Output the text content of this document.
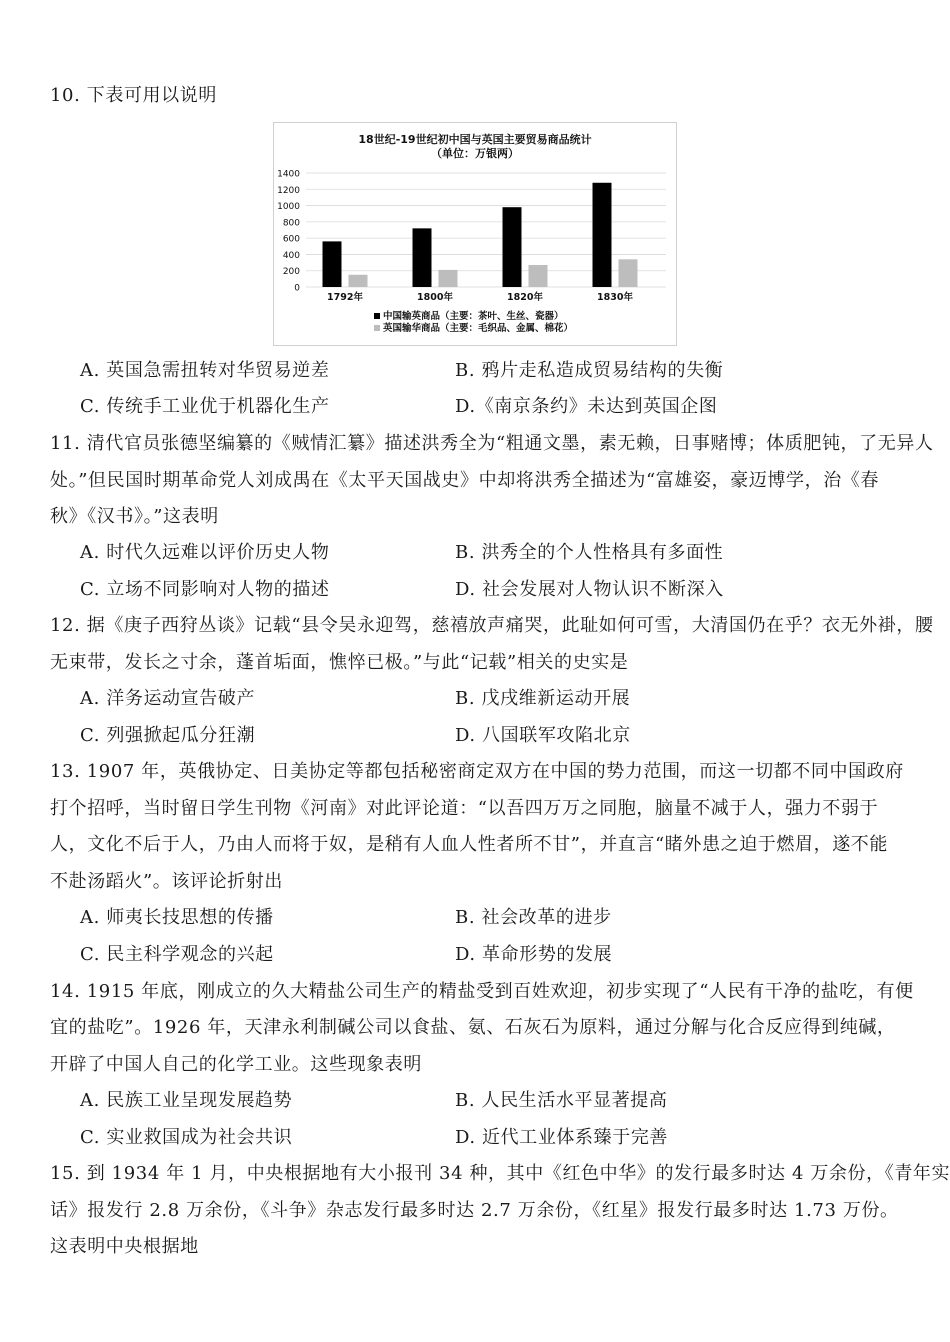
10. 下表可用以说明
18世纪-19世纪初中国与英国主要贸易商品统计
（单位：万银两）
0
200
400
600
800
1000
1200
1400
1792年	1800年	1820年	1830年
中国输英商品（主要：茶叶、生丝、瓷器）
英国输华商品（主要：毛织品、金属、棉花）
A. 英国急需扭转对华贸易逆差	B. 鸦片走私造成贸易结构的失衡
C. 传统手工业优于机器化生产	D.《南京条约》未达到英国企图
11. 清代官员张德坚编纂的《贼情汇纂》描述洪秀全为“粗通文墨，素无赖，日事赌博；体质肥钝，了无异人
处。”但民国时期革命党人刘成禺在《太平天国战史》中却将洪秀全描述为“富雄姿，豪迈博学，治《春
秋》《汉书》。”这表明
A. 时代久远难以评价历史人物	B. 洪秀全的个人性格具有多面性
C. 立场不同影响对人物的描述	D. 社会发展对人物认识不断深入
12. 据《庚子西狩丛谈》记载“县令吴永迎驾，慈禧放声痛哭，此耻如何可雪，大清国仍在乎？衣无外褂，腰
无束带，发长之寸余，蓬首垢面，憔悴已极。”与此“记载”相关的史实是
A. 洋务运动宣告破产	B. 戊戌维新运动开展
C. 列强掀起瓜分狂潮	D. 八国联军攻陷北京
13. 1907 年，英俄协定、日美协定等都包括秘密商定双方在中国的势力范围，而这一切都不同中国政府
打个招呼，当时留日学生刊物《河南》对此评论道：“以吾四万万之同胞，脑量不减于人，强力不弱于
人，文化不后于人，乃由人而将于奴，是稍有人血人性者所不甘”，并直言“睹外患之迫于燃眉，遂不能
不赴汤蹈火”。该评论折射出
A. 师夷长技思想的传播	B. 社会改革的进步
C. 民主科学观念的兴起	D. 革命形势的发展
14. 1915 年底，刚成立的久大精盐公司生产的精盐受到百姓欢迎，初步实现了“人民有干净的盐吃，有便
宜的盐吃”。1926 年，天津永利制碱公司以食盐、氨、石灰石为原料，通过分解与化合反应得到纯碱，
开辟了中国人自己的化学工业。这些现象表明
A. 民族工业呈现发展趋势	B. 人民生活水平显著提高
C. 实业救国成为社会共识	D. 近代工业体系臻于完善
15. 到 1934 年 1 月，中央根据地有大小报刊 34 种，其中《红色中华》的发行最多时达 4 万余份，《青年实
话》报发行 2.8 万余份，《斗争》杂志发行最多时达 2.7 万余份，《红星》报发行最多时达 1.73 万份。
这表明中央根据地
